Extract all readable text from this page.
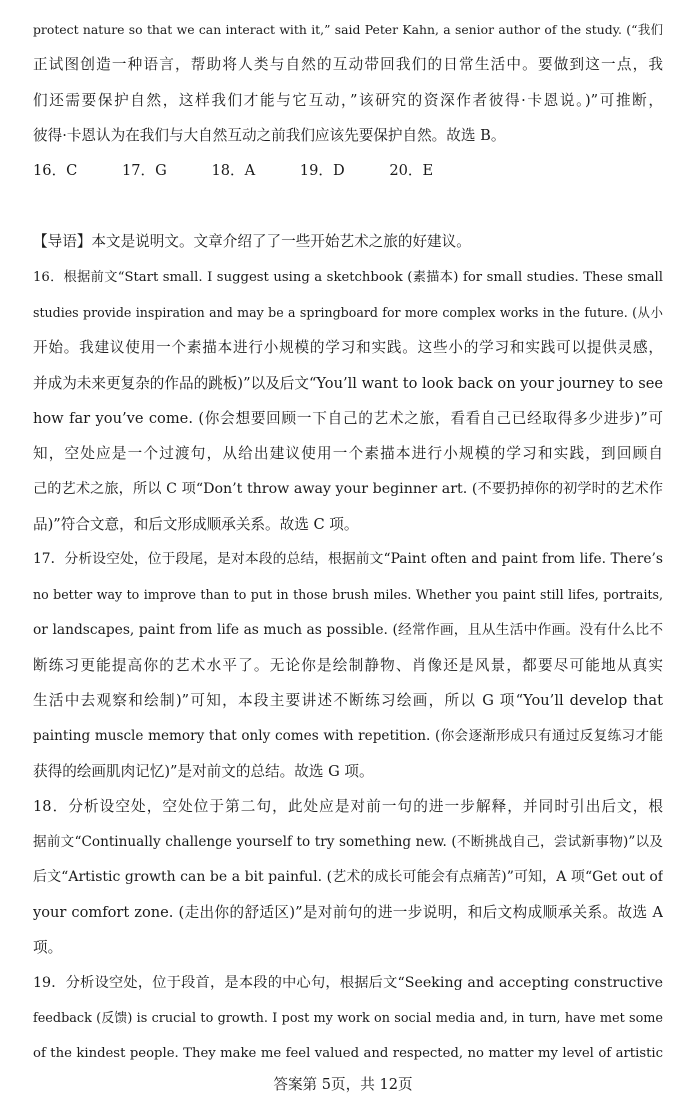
protect nature so that we can interact with it,” said Peter Kahn, a senior author of the study. (“我们
正试图创造一种语言，帮助将人类与自然的互动带回我们的日常生活中。要做到这一点，我
们还需要保护自然，这样我们才能与它互动，”该研究的资深作者彼得·卡恩说。)”可推断，
彼得·卡恩认为在我们与大自然互动之前我们应该先要保护自然。故选 B。
16．C	17．G	18．A	19．D	20．E
【导语】本文是说明文。文章介绍了了一些开始艺术之旅的好建议。
16．根据前文“Start small. I suggest using a sketchbook (素描本) for small studies. These small
studies provide inspiration and may be a springboard for more complex works in the future. (从小
开始。我建议使用一个素描本进行小规模的学习和实践。这些小的学习和实践可以提供灵感，
并成为未来更复杂的作品的跳板)”以及后文“You’ll want to look back on your journey to see
how far you’ve come. (你会想要回顾一下自己的艺术之旅，看看自己已经取得多少进步)”可
知，空处应是一个过渡句，从给出建议使用一个素描本进行小规模的学习和实践，到回顾自
己的艺术之旅，所以 C 项“Don’t throw away your beginner art. (不要扔掉你的初学时的艺术作
品)”符合文意，和后文形成顺承关系。故选 C 项。
17．分析设空处，位于段尾，是对本段的总结，根据前文“Paint often and paint from life. There’s
no better way to improve than to put in those brush miles. Whether you paint still lifes, portraits,
or landscapes, paint from life as much as possible. (经常作画，且从生活中作画。没有什么比不
断练习更能提高你的艺术水平了。无论你是绘制静物、肖像还是风景，都要尽可能地从真实
生活中去观察和绘制)”可知，本段主要讲述不断练习绘画，所以 G 项“You’ll develop that
painting muscle memory that only comes with repetition. (你会逐渐形成只有通过反复练习才能
获得的绘画肌肉记忆)”是对前文的总结。故选 G 项。
18．分析设空处，空处位于第二句，此处应是对前一句的进一步解释，并同时引出后文，根
据前文“Continually challenge yourself to try something new. (不断挑战自己，尝试新事物)”以及
后文“Artistic growth can be a bit painful. (艺术的成长可能会有点痛苦)”可知，A 项“Get out of
your comfort zone. (走出你的舒适区)”是对前句的进一步说明，和后文构成顺承关系。故选 A
项。
19．分析设空处，位于段首，是本段的中心句，根据后文“Seeking and accepting constructive
feedback (反馈) is crucial to growth. I post my work on social media and, in turn, have met some
of the kindest people. They make me feel valued and respected, no matter my level of artistic
答案第 5页，共 12页
